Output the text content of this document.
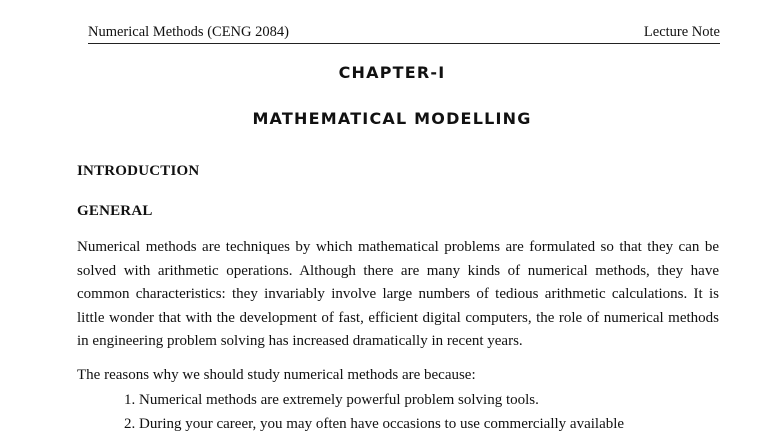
Numerical Methods (CENG 2084)	Lecture Note
CHAPTER-I
MATHEMATICAL MODELLING
INTRODUCTION
GENERAL
Numerical methods are techniques by which mathematical problems are formulated so that they can be solved with arithmetic operations. Although there are many kinds of numerical methods, they have common characteristics: they invariably involve large numbers of tedious arithmetic calculations. It is little wonder that with the development of fast, efficient digital computers, the role of numerical methods in engineering problem solving has increased dramatically in recent years.
The reasons why we should study numerical methods are because:
1. Numerical methods are extremely powerful problem solving tools.
2. During your career, you may often have occasions to use commercially available
